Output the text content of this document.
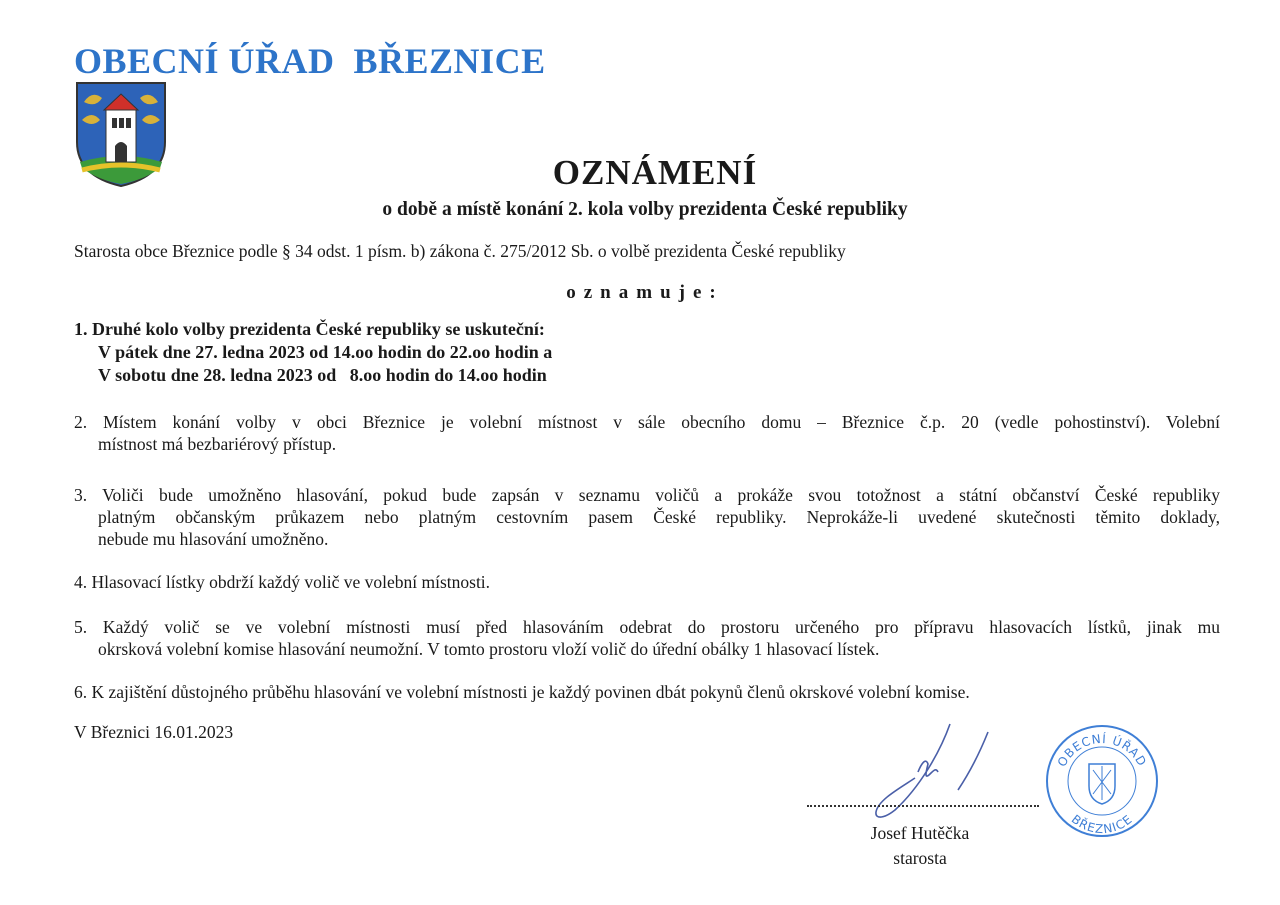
OBECNÍ ÚŘAD  BŘEZNICE
OZNÁMENÍ
o době a místě konání 2. kola volby prezidenta České republiky
Starosta obce Březnice podle § 34 odst. 1 písm. b) zákona č. 275/2012 Sb. o volbě prezidenta České republiky
oznamuje:
1. Druhé kolo volby prezidenta České republiky se uskuteční:
V pátek dne 27. ledna 2023 od 14.oo hodin do 22.oo hodin a
V sobotu dne 28. ledna 2023 od   8.oo hodin do 14.oo hodin
2. Místem konání volby v obci Březnice je volební místnost v sále obecního domu – Březnice č.p. 20 (vedle pohostinství). Volební
místnost má bezbariérový přístup.
3. Voliči bude umožněno hlasování, pokud bude zapsán v seznamu voličů a prokáže svou totožnost a státní občanství České republiky
platným občanským průkazem nebo platným cestovním pasem České republiky. Neprokáže-li uvedené skutečnosti těmito doklady,
nebude mu hlasování umožněno.
4. Hlasovací lístky obdrží každý volič ve volební místnosti.
5. Každý volič se ve volební místnosti musí před hlasováním odebrat do prostoru určeného pro přípravu hlasovacích lístků, jinak mu
okrsková volební komise hlasování neumožní. V tomto prostoru vloží volič do úřední obálky 1 hlasovací lístek.
6. K zajištění důstojného průběhu hlasování ve volební místnosti je každý povinen dbát pokynů členů okrskové volební komise.
V Březnici 16.01.2023
Josef Hutěčka
starosta
OBECNÍ ÚŘAD
BŘEZNICE
